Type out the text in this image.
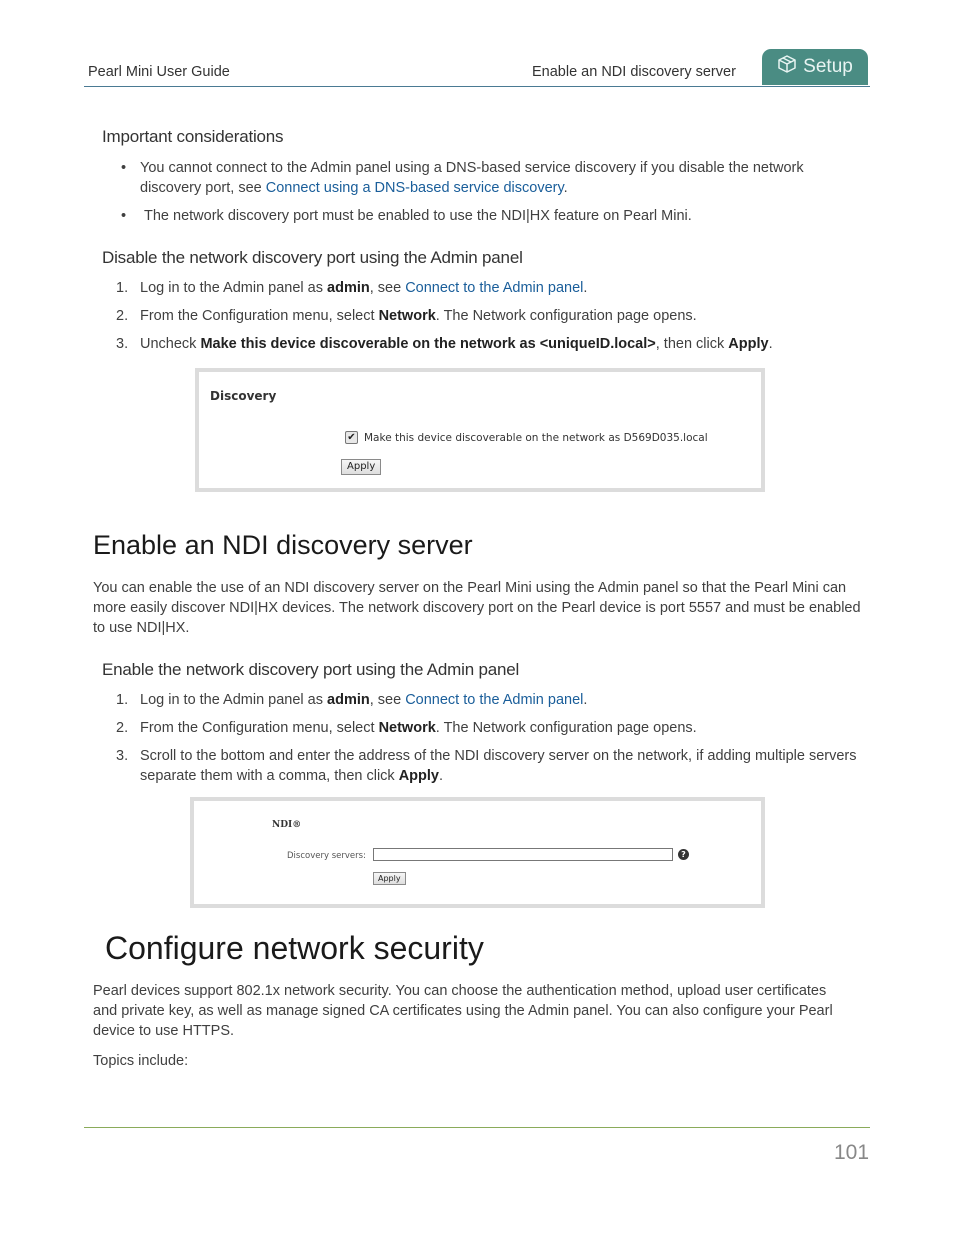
Pearl Mini User Guide	Enable an NDI discovery server	Setup
Important considerations
• You cannot connect to the Admin panel using a DNS-based service discovery if you disable the network discovery port, see Connect using a DNS-based service discovery.
• The network discovery port must be enabled to use the NDI|HX feature on Pearl Mini.
Disable the network discovery port using the Admin panel
1. Log in to the Admin panel as admin, see Connect to the Admin panel.
2. From the Configuration menu, select Network. The Network configuration page opens.
3. Uncheck Make this device discoverable on the network as <uniqueID.local>, then click Apply.
Discovery
✔ Make this device discoverable on the network as D569D035.local
Apply
Enable an NDI discovery server
You can enable the use of an NDI discovery server on the Pearl Mini using the Admin panel so that the Pearl Mini can more easily discover NDI|HX devices. The network discovery port on the Pearl device is port 5557 and must be enabled to use NDI|HX.
Enable the network discovery port using the Admin panel
1. Log in to the Admin panel as admin, see Connect to the Admin panel.
2. From the Configuration menu, select Network. The Network configuration page opens.
3. Scroll to the bottom and enter the address of the NDI discovery server on the network, if adding multiple servers separate them with a comma, then click Apply.
NDI®
Discovery servers:	?
Apply
Configure network security
Pearl devices support 802.1x network security. You can choose the authentication method, upload user certificates and private key, as well as manage signed CA certificates using the Admin panel. You can also configure your Pearl device to use HTTPS.
Topics include:
101
